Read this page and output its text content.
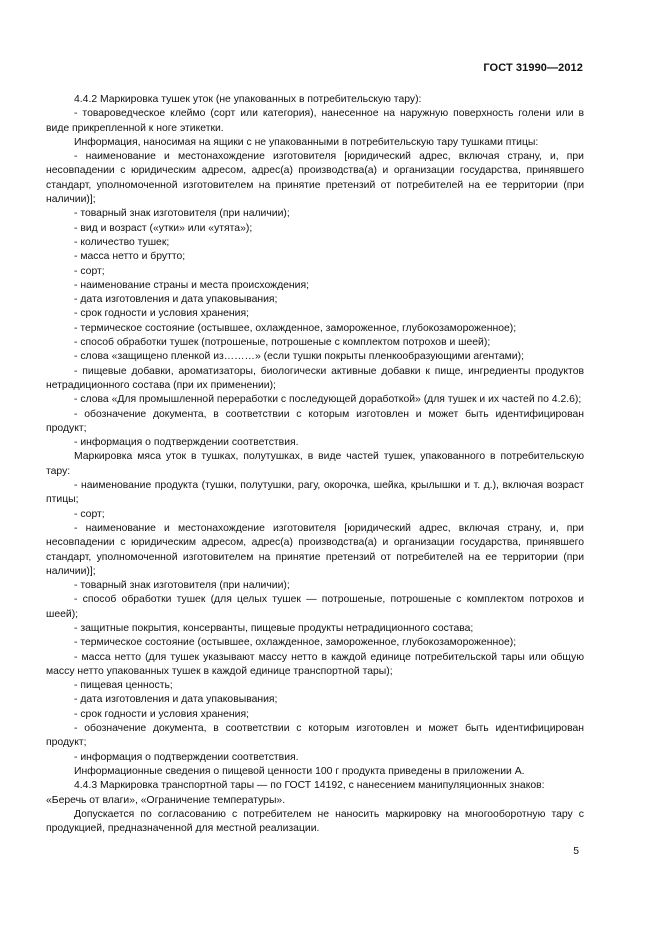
ГОСТ 31990—2012

4.4.2 Маркировка тушек уток (не упакованных в потребительскую тару):

- товароведческое клеймо (сорт или категория), нанесенное на наружную поверхность голени или в виде прикрепленной к ноге этикетки.

Информация, наносимая на ящики с не упакованными в потребительскую тару тушками птицы:

- наименование и местонахождение изготовителя [юридический адрес, включая страну, и, при несовпадении с юридическим адресом, адрес(а) производства(а) и организации государства, принявшего стандарт, уполномоченной изготовителем на принятие претензий от потребителей на ее территории (при наличии)];

- товарный знак изготовителя (при наличии);

- вид и возраст («утки» или «утята»);

- количество тушек;

- масса нетто и брутто;

- сорт;

- наименование страны и места происхождения;

- дата изготовления и дата упаковывания;

- срок годности и условия хранения;

- термическое состояние (остывшее, охлажденное, замороженное, глубокозамороженное);

- способ обработки тушек (потрошеные, потрошеные с комплектом потрохов и шеей);

- слова «защищено пленкой из………» (если тушки покрыты пленкообразующими агентами);

- пищевые добавки, ароматизаторы, биологически активные добавки к пище, ингредиенты продуктов нетрадиционного состава (при их применении);

- слова «Для промышленной переработки с последующей доработкой» (для тушек и их частей по 4.2.6);

- обозначение документа, в соответствии с которым изготовлен и может быть идентифицирован продукт;

- информация о подтверждении соответствия.

Маркировка мяса уток в тушках, полутушках, в виде частей тушек, упакованного в потребительскую тару:

- наименование продукта (тушки, полутушки, рагу, окорочка, шейка, крылышки и т. д.), включая возраст птицы;

- сорт;

- наименование и местонахождение изготовителя [юридический адрес, включая страну, и, при несовпадении с юридическим адресом, адрес(а) производства(а) и организации государства, принявшего стандарт, уполномоченной изготовителем на принятие претензий от потребителей на ее территории (при наличии)];

- товарный знак изготовителя (при наличии);

- способ обработки тушек (для целых тушек — потрошеные, потрошеные с комплектом потрохов и шеей);

- защитные покрытия, консерванты, пищевые продукты нетрадиционного состава;

- термическое состояние (остывшее, охлажденное, замороженное, глубокозамороженное);

- масса нетто (для тушек указывают массу нетто в каждой единице потребительской тары или общую массу нетто упакованных тушек в каждой единице транспортной тары);

- пищевая ценность;

- дата изготовления и дата упаковывания;

- срок годности и условия хранения;

- обозначение документа, в соответствии с которым изготовлен и может быть идентифицирован продукт;

- информация о подтверждении соответствия.

Информационные сведения о пищевой ценности 100 г продукта приведены в приложении А.

4.4.3 Маркировка транспортной тары — по ГОСТ 14192, с нанесением манипуляционных знаков:

«Беречь от влаги», «Ограничение температуры».

Допускается по согласованию с потребителем не наносить маркировку на многооборотную тару с продукцией, предназначенной для местной реализации.

5
